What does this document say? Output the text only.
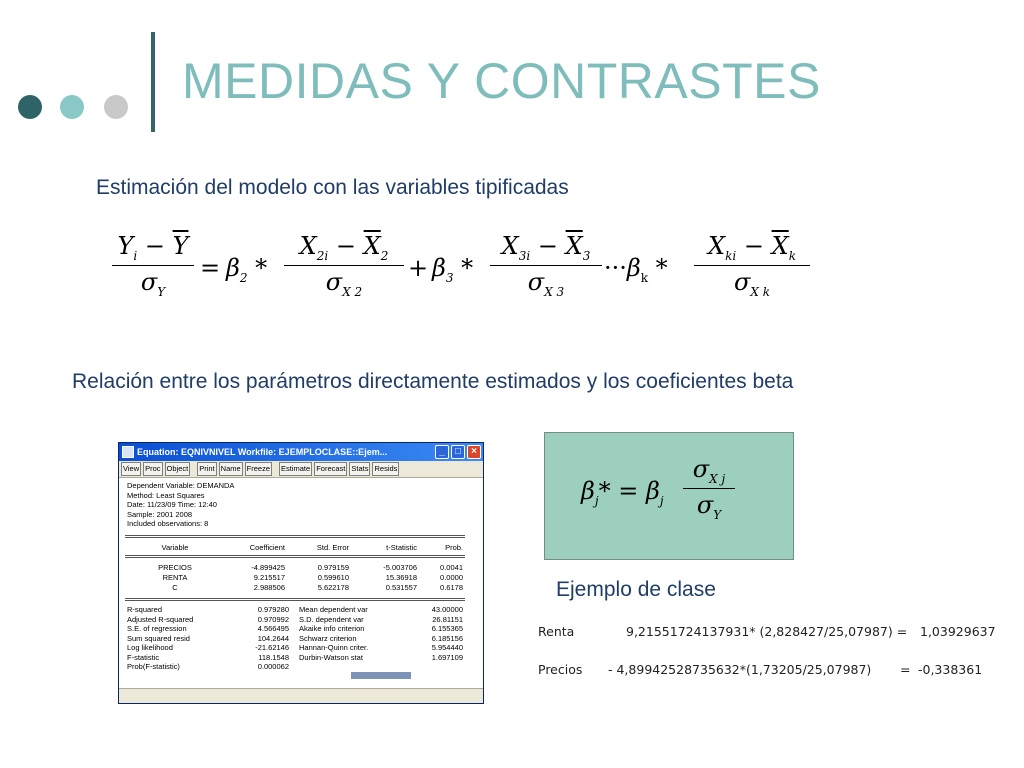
MEDIDAS Y CONTRASTES
Estimación del modelo con las variables tipificadas
$Y_i - \overline{Y}$
$\sigma_Y$
= $\beta_2$ *
$X_{2i} - \overline{X}_2$
$\sigma_{X 2}$
+ $\beta_3$ *
$X_{3i} - \overline{X}_3$
$\sigma_{X 3}$
$\cdot\cdot\cdot\beta_k$ *
$X_{ki} - \overline{X}_k$
$\sigma_{X k}$
Relación entre los parámetros directamente estimados y los coeficientes beta
Equation: EQNIVNIVEL Workfile: EJEMPLOCLASE::Ejem...	_	□	×
View Proc Object Print Name Freeze Estimate Forecast Stats Resids
Dependent Variable: DEMANDA
Method: Least Squares
Date: 11/23/09 Time: 12:40
Sample: 2001 2008
Included observations: 8
Variable	Coefficient	Std. Error	t-Statistic	Prob.
PRECIOS	-4.899425	0.979159	-5.003706	0.0041
RENTA	9.215517	0.599610	15.36918	0.0000
C	2.988506	5.622178	0.531557	0.6178
R-squared	0.979280 Mean dependent var	43.00000
Adjusted R-squared	0.970992 S.D. dependent var	26.81151
S.E. of regression	4.566495 Akaike info criterion	6.155365
Sum squared resid	104.2644 Schwarz criterion	6.185156
Log likelihood	-21.62146 Hannan-Quinn criter.	5.954440
F-statistic	118.1548 Durbin-Watson stat	1.697109
Prob(F-statistic)	0.000062
$\beta_j* = \beta_j$
$\sigma_{X j}$
$\sigma_Y$
Ejemplo de clase
Renta	9,21551724137931* (2,828427/25,07987) = 1,03929637
Precios - 4,89942528735632*(1,73205/25,07987) = -0,338361
